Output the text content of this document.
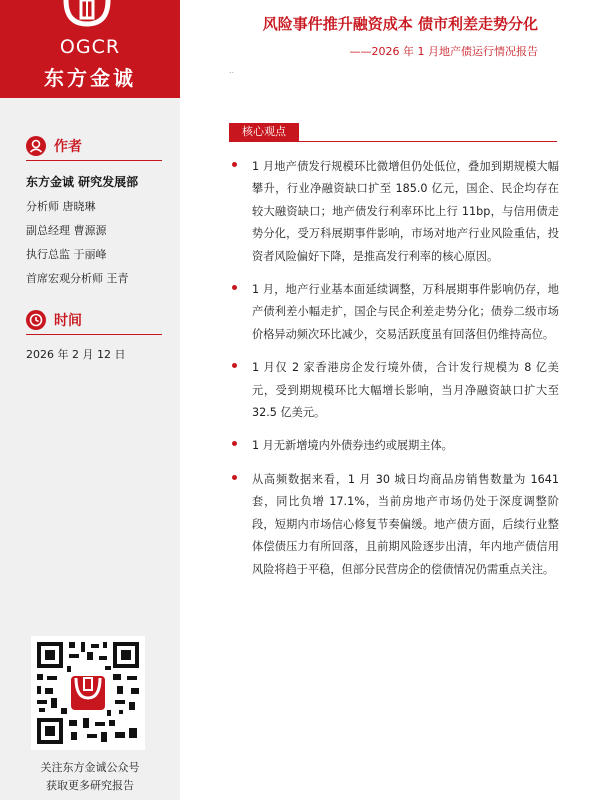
OGCR
东方金诚
作者
东方金诚 研究发展部
分析师 唐晓琳
副总经理 曹源源
执行总监 于丽峰
首席宏观分析师 王青
时间
2026 年 2 月 12 日
关注东方金诚公众号
获取更多研究报告
风险事件推升融资成本 债市利差走势分化
——2026 年 1 月地产债运行情况报告
..
核心观点
1 月地产债发行规模环比微增但仍处低位，叠加到期规模大幅攀升，行业净融资缺口扩至 185.0 亿元，国企、民企均存在较大融资缺口；地产债发行利率环比上行 11bp，与信用债走势分化，受万科展期事件影响，市场对地产行业风险重估，投资者风险偏好下降，是推高发行利率的核心原因。
1 月，地产行业基本面延续调整，万科展期事件影响仍存，地产债利差小幅走扩，国企与民企利差走势分化；债券二级市场价格异动频次环比减少，交易活跃度虽有回落但仍维持高位。
1 月仅 2 家香港房企发行境外债，合计发行规模为 8 亿美元，受到期规模环比大幅增长影响，当月净融资缺口扩大至 32.5 亿美元。
1 月无新增境内外债券违约或展期主体。
从高频数据来看，1 月 30 城日均商品房销售数量为 1641 套，同比负增 17.1%，当前房地产市场仍处于深度调整阶段，短期内市场信心修复节奏偏缓。地产债方面，后续行业整体偿债压力有所回落，且前期风险逐步出清，年内地产债信用风险将趋于平稳，但部分民营房企的偿债情况仍需重点关注。
